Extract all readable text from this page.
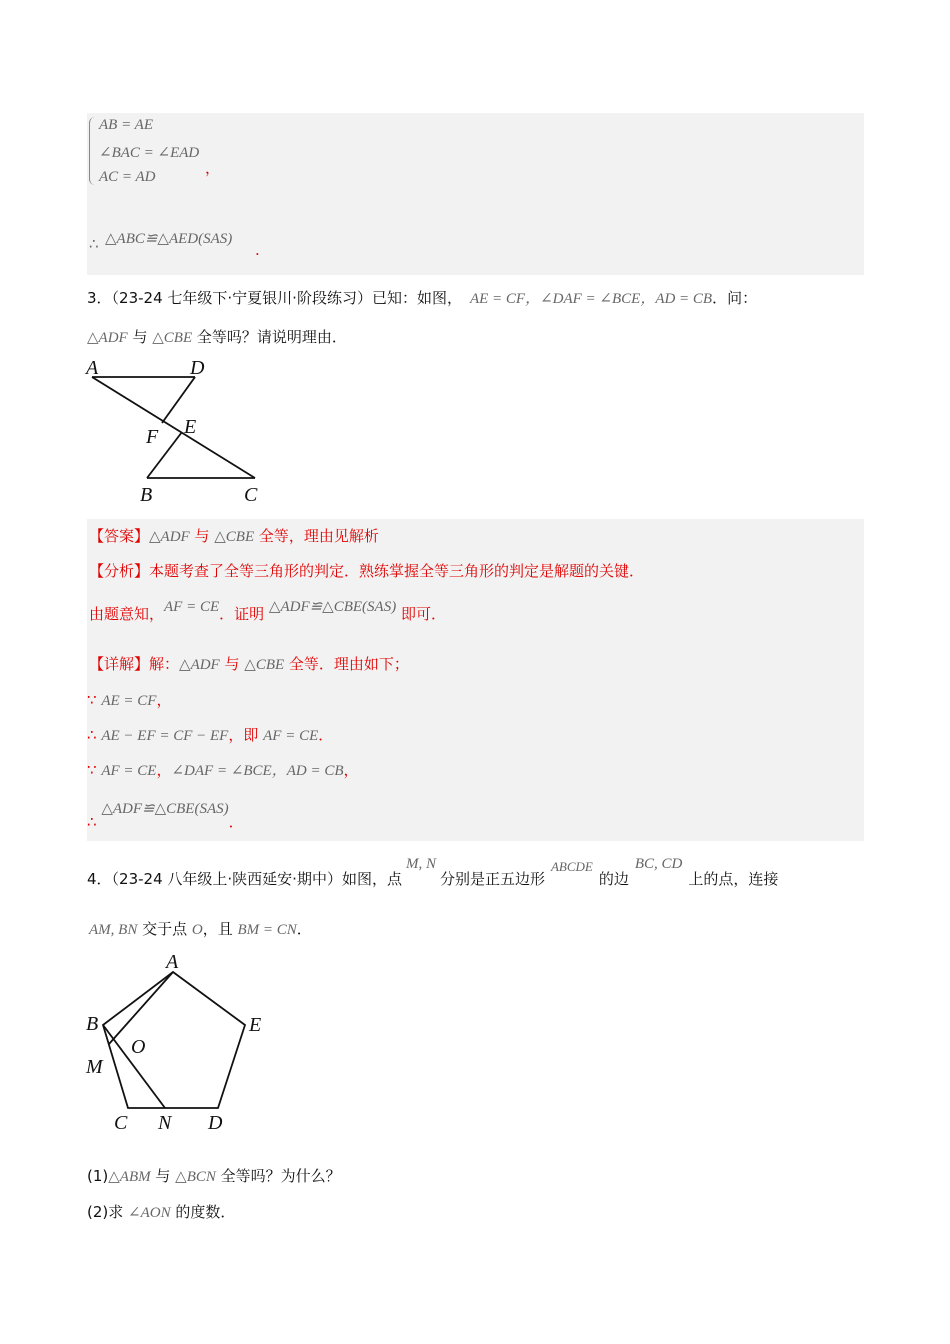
AB = AE
∠BAC = ∠EAD
AC = AD	，
∴ △ABC≌△AED(SAS)
.
3．（23-24 七年级下·宁夏银川·阶段练习）已知：如图， AE = CF，∠DAF = ∠BCE，AD = CB．问：
△ADF 与 △CBE 全等吗？请说明理由．
A	D
E
F
B	C
【答案】△ADF 与 △CBE 全等，理由见解析
【分析】本题考查了全等三角形的判定．熟练掌握全等三角形的判定是解题的关键．
由题意知，AF = CE．证明 △ADF≌△CBE(SAS) 即可．
【详解】解：△ADF 与 △CBE 全等．理由如下；
∵ AE = CF，
∴ AE − EF = CF − EF，即 AF = CE．
∵ AF = CE，∠DAF = ∠BCE，AD = CB，
∴ △ADF≌△CBE(SAS)．
4．（23-24 八年级上·陕西延安·期中）如图，点M, N分别是正五边形ABCDE的边BC, CD上的点，连接
AM, BN 交于点 O，且 BM = CN．
A
B	E
O
M
C N D
(1)△ABM 与 △BCN 全等吗？为什么？
(2)求 ∠AON 的度数．
